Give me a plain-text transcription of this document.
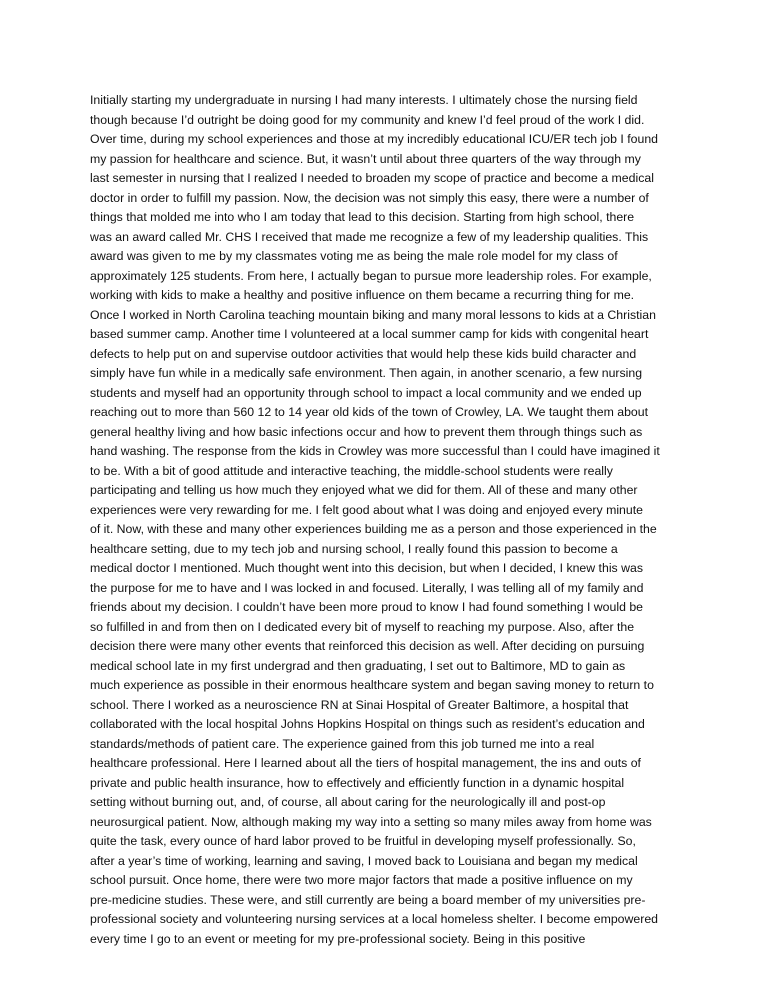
Initially starting my undergraduate in nursing I had many interests. I ultimately chose the nursing field
though because I’d outright be doing good for my community and knew I’d feel proud of the work I did.
Over time, during my school experiences and those at my incredibly educational ICU/ER tech job I found
my passion for healthcare and science. But, it wasn’t until about three quarters of the way through my
last semester in nursing that I realized I needed to broaden my scope of practice and become a medical
doctor in order to fulfill my passion. Now, the decision was not simply this easy, there were a number of
things that molded me into who I am today that lead to this decision. Starting from high school, there
was an award called Mr. CHS I received that made me recognize a few of my leadership qualities. This
award was given to me by my classmates voting me as being the male role model for my class of
approximately 125 students. From here, I actually began to pursue more leadership roles. For example,
working with kids to make a healthy and positive influence on them became a recurring thing for me.
Once I worked in North Carolina teaching mountain biking and many moral lessons to kids at a Christian
based summer camp. Another time I volunteered at a local summer camp for kids with congenital heart
defects to help put on and supervise outdoor activities that would help these kids build character and
simply have fun while in a medically safe environment. Then again, in another scenario, a few nursing
students and myself had an opportunity through school to impact a local community and we ended up
reaching out to more than 560 12 to 14 year old kids of the town of Crowley, LA. We taught them about
general healthy living and how basic infections occur and how to prevent them through things such as
hand washing. The response from the kids in Crowley was more successful than I could have imagined it
to be. With a bit of good attitude and interactive teaching, the middle-school students were really
participating and telling us how much they enjoyed what we did for them. All of these and many other
experiences were very rewarding for me. I felt good about what I was doing and enjoyed every minute
of it. Now, with these and many other experiences building me as a person and those experienced in the
healthcare setting, due to my tech job and nursing school, I really found this passion to become a
medical doctor I mentioned. Much thought went into this decision, but when I decided, I knew this was
the purpose for me to have and I was locked in and focused. Literally, I was telling all of my family and
friends about my decision. I couldn’t have been more proud to know I had found something I would be
so fulfilled in and from then on I dedicated every bit of myself to reaching my purpose. Also, after the
decision there were many other events that reinforced this decision as well. After deciding on pursuing
medical school late in my first undergrad and then graduating, I set out to Baltimore, MD to gain as
much experience as possible in their enormous healthcare system and began saving money to return to
school. There I worked as a neuroscience RN at Sinai Hospital of Greater Baltimore, a hospital that
collaborated with the local hospital Johns Hopkins Hospital on things such as resident’s education and
standards/methods of patient care. The experience gained from this job turned me into a real
healthcare professional. Here I learned about all the tiers of hospital management, the ins and outs of
private and public health insurance, how to effectively and efficiently function in a dynamic hospital
setting without burning out, and, of course, all about caring for the neurologically ill and post-op
neurosurgical patient. Now, although making my way into a setting so many miles away from home was
quite the task, every ounce of hard labor proved to be fruitful in developing myself professionally. So,
after a year’s time of working, learning and saving, I moved back to Louisiana and began my medical
school pursuit. Once home, there were two more major factors that made a positive influence on my
pre-medicine studies. These were, and still currently are being a board member of my universities pre-
professional society and volunteering nursing services at a local homeless shelter. I become empowered
every time I go to an event or meeting for my pre-professional society. Being in this positive
